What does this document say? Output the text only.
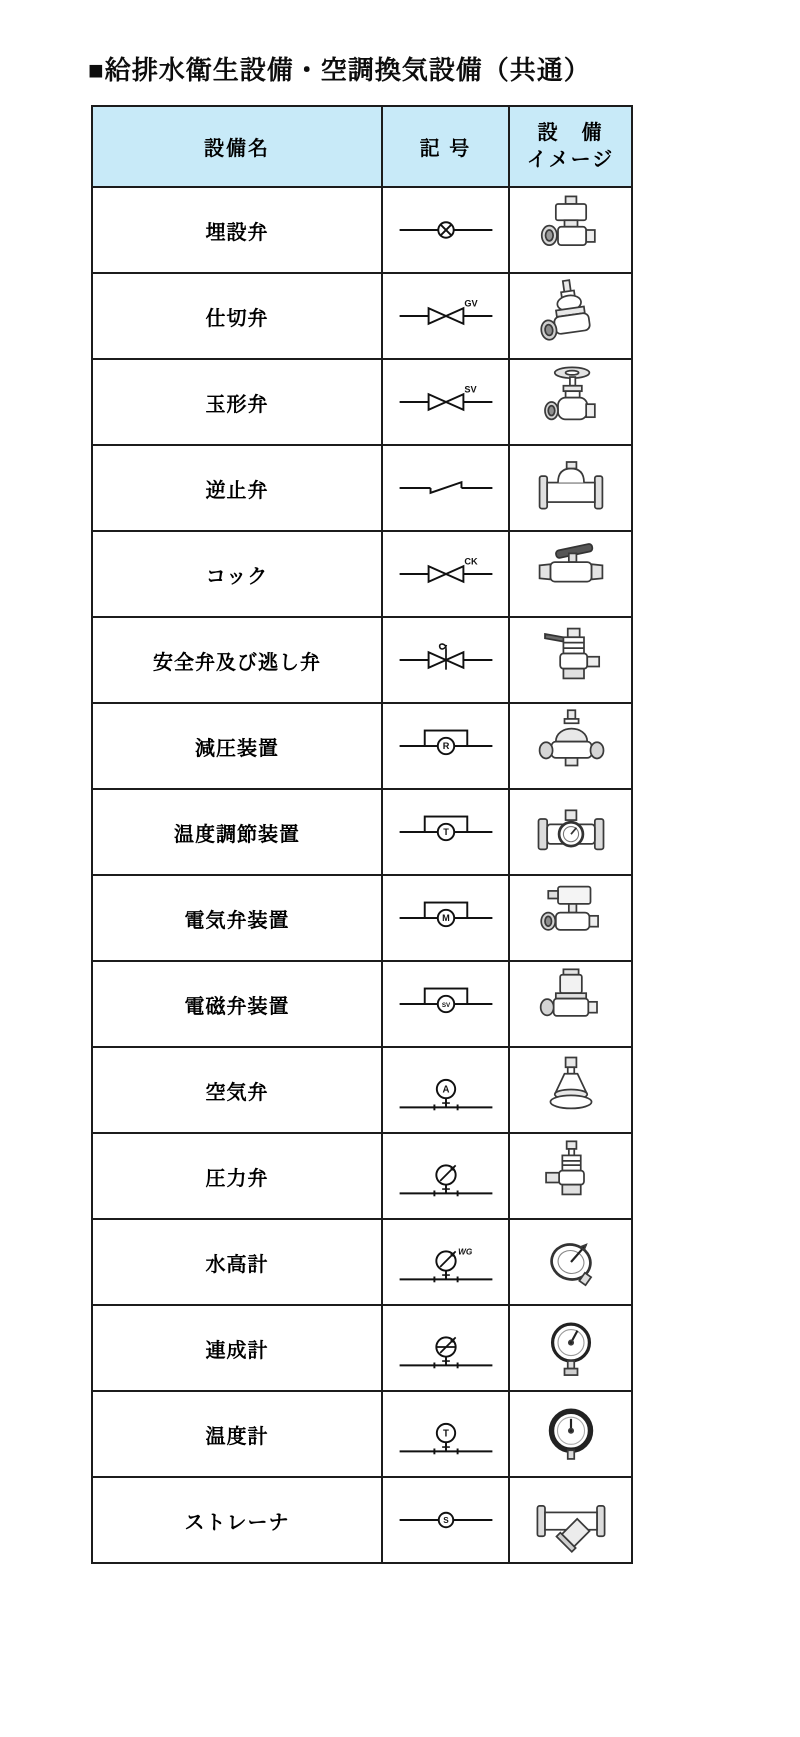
■給排水衛生設備・空調換気設備（共通）
設備名	記 号	設　備
イメージ

埋設弁	

仕切弁	GV

玉形弁	SV

逆止弁	

コック	CK

安全弁及び逃し弁	

減圧装置	R

温度調節装置	T

電気弁装置	M

電磁弁装置	SV

空気弁	A

圧力弁	

水高計	WG

連成計	

温度計	T

ストレーナ	S
